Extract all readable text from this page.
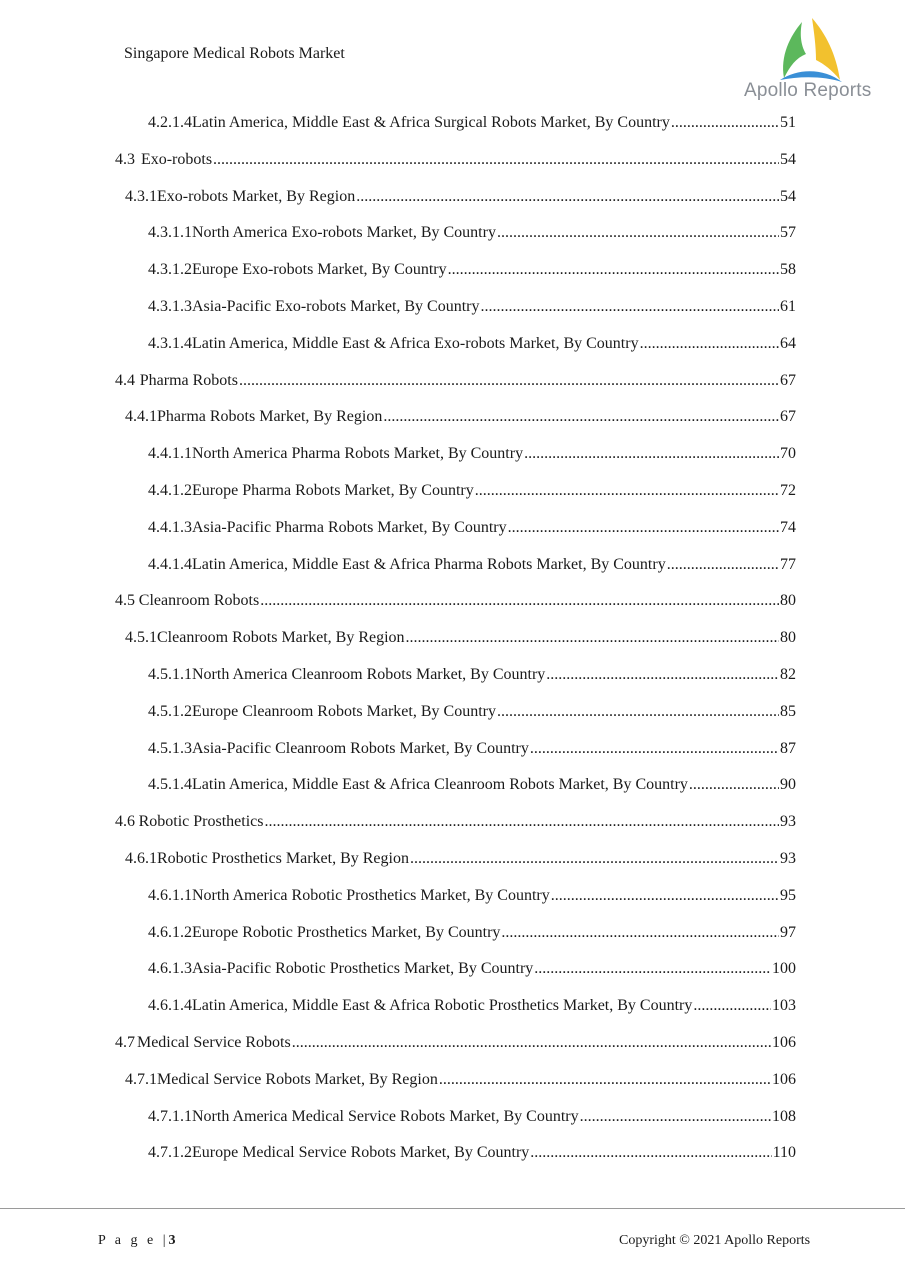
Singapore Medical Robots Market
Apollo Reports
4.2.1.4 Latin America, Middle East & Africa Surgical Robots Market, By Country .....	51
4.3 Exo-robots .....	54
4.3.1 Exo-robots Market, By Region .....	54
4.3.1.1 North America Exo-robots Market, By Country .....	57
4.3.1.2 Europe Exo-robots Market, By Country .....	58
4.3.1.3 Asia-Pacific Exo-robots Market, By Country .....	61
4.3.1.4 Latin America, Middle East & Africa Exo-robots Market, By Country .....	64
4.4 Pharma Robots .....	67
4.4.1 Pharma Robots Market, By Region .....	67
4.4.1.1 North America Pharma Robots Market, By Country .....	70
4.4.1.2 Europe Pharma Robots Market, By Country .....	72
4.4.1.3 Asia-Pacific Pharma Robots Market, By Country .....	74
4.4.1.4 Latin America, Middle East & Africa Pharma Robots Market, By Country .....	77
4.5 Cleanroom Robots .....	80
4.5.1 Cleanroom Robots Market, By Region .....	80
4.5.1.1 North America Cleanroom Robots Market, By Country .....	82
4.5.1.2 Europe Cleanroom Robots Market, By Country .....	85
4.5.1.3 Asia-Pacific Cleanroom Robots Market, By Country .....	87
4.5.1.4 Latin America, Middle East & Africa Cleanroom Robots Market, By Country .....	90
4.6 Robotic Prosthetics .....	93
4.6.1 Robotic Prosthetics Market, By Region .....	93
4.6.1.1 North America Robotic Prosthetics Market, By Country .....	95
4.6.1.2 Europe Robotic Prosthetics Market, By Country .....	97
4.6.1.3 Asia-Pacific Robotic Prosthetics Market, By Country .....	100
4.6.1.4 Latin America, Middle East & Africa Robotic Prosthetics Market, By Country .....	103
4.7 Medical Service Robots .....	106
4.7.1 Medical Service Robots Market, By Region .....	106
4.7.1.1 North America Medical Service Robots Market, By Country .....	108
4.7.1.2 Europe Medical Service Robots Market, By Country .....	110
P a g e |3	Copyright © 2021 Apollo Reports
